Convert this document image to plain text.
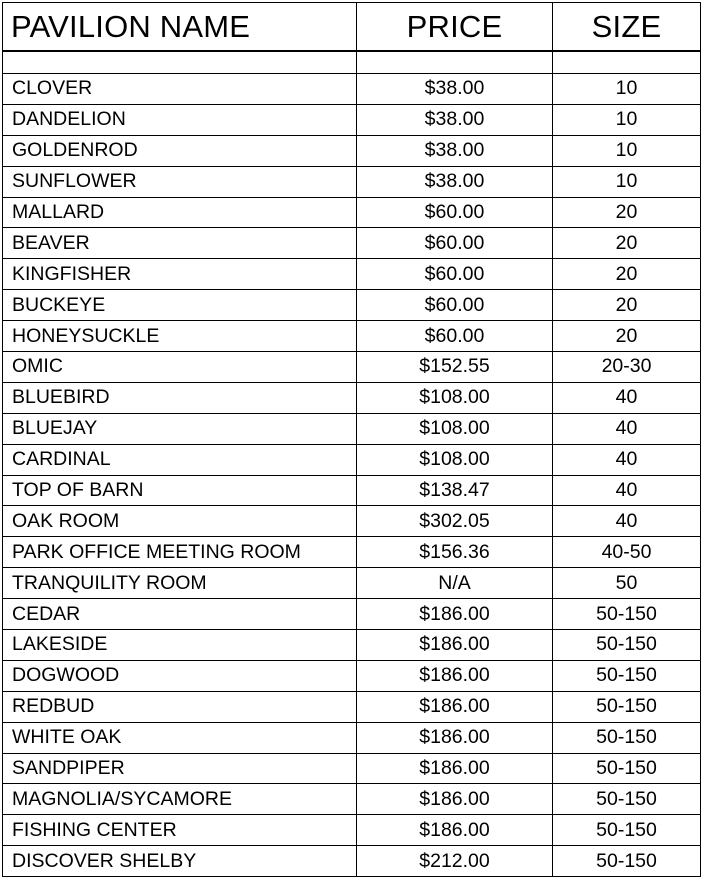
PAVILION NAME	PRICE	SIZE

CLOVER	$38.00	10
DANDELION	$38.00	10
GOLDENROD	$38.00	10
SUNFLOWER	$38.00	10
MALLARD	$60.00	20
BEAVER	$60.00	20
KINGFISHER	$60.00	20
BUCKEYE	$60.00	20
HONEYSUCKLE	$60.00	20
OMIC	$152.55	20-30
BLUEBIRD	$108.00	40
BLUEJAY	$108.00	40
CARDINAL	$108.00	40
TOP OF BARN	$138.47	40
OAK ROOM	$302.05	40
PARK OFFICE MEETING ROOM	$156.36	40-50
TRANQUILITY ROOM	N/A	50
CEDAR	$186.00	50-150
LAKESIDE	$186.00	50-150
DOGWOOD	$186.00	50-150
REDBUD	$186.00	50-150
WHITE OAK	$186.00	50-150
SANDPIPER	$186.00	50-150
MAGNOLIA/SYCAMORE	$186.00	50-150
FISHING CENTER	$186.00	50-150
DISCOVER SHELBY	$212.00	50-150
